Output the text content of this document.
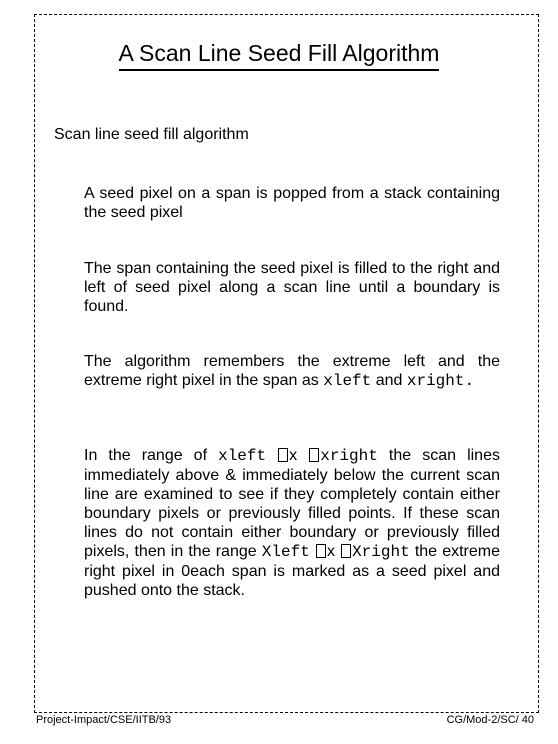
A Scan Line Seed Fill Algorithm
Scan line seed fill algorithm
A seed pixel on a span is popped from a stack containing the seed pixel
The span containing the seed pixel is filled to the right and left of seed pixel along a scan line until a boundary is found.
The algorithm remembers the extreme left and the extreme right pixel in the span as xleft and xright.
In the range of xleft x xright the scan lines immediately above & immediately below the current scan line are examined to see if they completely contain either boundary pixels or previously filled points. If these scan lines do not contain either boundary or previously filled pixels, then in the range Xleft x Xright the extreme right pixel in 0each span is marked as a seed pixel and pushed onto the stack.
Project-Impact/CSE/IITB/93	CG/Mod-2/SC/ 40
